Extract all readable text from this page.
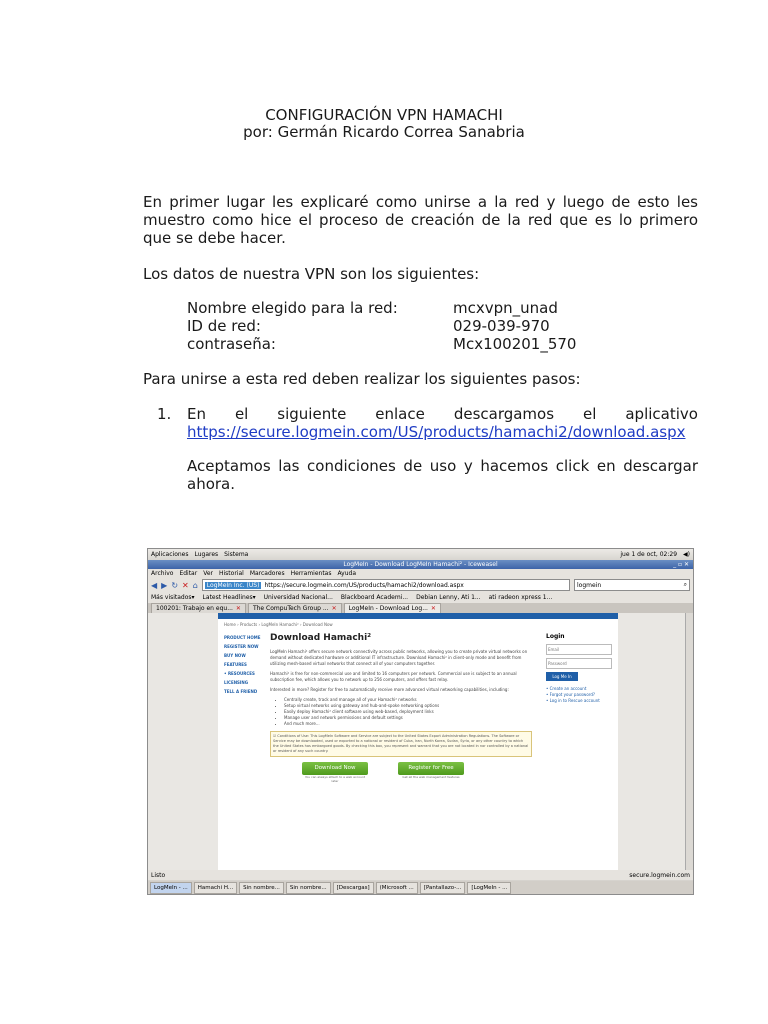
CONFIGURACIÓN VPN HAMACHI
por: Germán Ricardo Correa Sanabria
En primer lugar les explicaré como unirse a la red y luego de esto les muestro como hice el proceso de creación de la red que es lo primero que se debe hacer.
Los datos de nuestra VPN son los siguientes:
Nombre elegido para la red:	mcxvpn_unad
ID de red:	029-039-970
contraseña:	Mcx100201_570
Para unirse a esta red deben realizar los siguientes pasos:
1.	En el siguiente enlace descargamos el aplicativo
https://secure.logmein.com/US/products/hamachi2/download.aspx
Aceptamos las condiciones de uso y hacemos click en descargar ahora.
Aplicaciones Lugares Sistema	jue 1 de oct, 02:29 ◀)
LogMeIn - Download LogMeIn Hamachi² - Iceweasel	_ ▫ ✕
Archivo Editar Ver Historial Marcadores Herramientas Ayuda
◀ ▶ ↻ ✕ ⌂	LogMeIn Inc. (US) https://secure.logmein.com/US/products/hamachi2/download.aspx	logmein	⌕
Más visitados▾ Latest Headlines▾ Universidad Nacional... Blackboard Academi... Debian Lenny, Ati 1... ati radeon xpress 1...
100201: Trabajo en equ... ✕ The CompuTech Group ... ✕ LogMeIn - Download Log... ✕
Home › Products › LogMeIn Hamachi² › Download Now
PRODUCT HOME
REGISTER NOW
BUY NOW
FEATURES
• RESOURCES
LICENSING
TELL A FRIEND
Download Hamachi²
LogMeIn Hamachi² offers secure network connectivity across public networks, allowing you to create private virtual networks on demand without dedicated hardware or additional IT infrastructure. Download Hamachi² in client-only mode and benefit from utilizing mesh-based virtual networks that connect all of your computers together.
Hamachi² is free for non-commercial use and limited to 16 computers per network. Commercial use is subject to an annual subscription fee, which allows you to network up to 256 computers, and offers fast relay.
Interested in more? Register for free to automatically receive more advanced virtual networking capabilities, including:
• Centrally create, track and manage all of your Hamachi² networks
• Setup virtual networks using gateway and hub-and-spoke networking options
• Easily deploy Hamachi² client software using web-based, deployment links
• Manage user and network permissions and default settings
• And much more...
☑ Conditions of Use: This LogMeIn Software and Service are subject to the United States Export Administration Regulations. The Software or Service may be downloaded, used or exported to a national or resident of Cuba, Iran, North Korea, Sudan, Syria, or any other country to which the United States has embargoed goods. By checking this box, you represent and warrant that you are not located in nor controlled by a national or resident of any such country.
Download Now
You can always attach to a web account later
Register for Free
Get all the web management features
Login
Email
Password
Log Me In
• Create an account
• Forgot your password?
• Log in to Rescue account
Listo	secure.logmein.com
LogMeIn - ...	Hamachi H...	Sin nombre...	Sin nombre...	[Descargas]	(Microsoft ...	[Pantallazo-...	[LogMeIn - ...
